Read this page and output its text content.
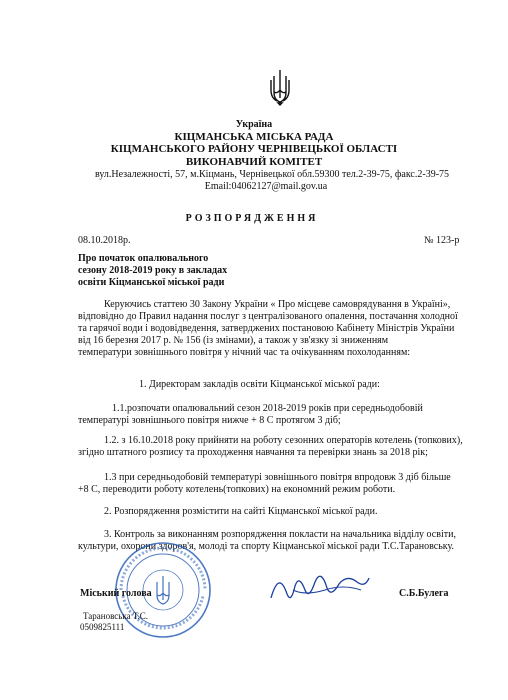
Україна
КІЦМАНСЬКА МІСЬКА РАДА
КІЦМАНСЬКОГО РАЙОНУ ЧЕРНІВЕЦЬКОЇ ОБЛАСТІ
ВИКОНАВЧИЙ КОМІТЕТ
вул.Незалежності, 57, м.Кіцмань, Чернівецької обл.59300 тел.2-39-75, факс.2-39-75
Email:04062127@mail.gov.ua
РОЗПОРЯДЖЕННЯ
08.10.2018р.	№ 123-р
Про початок опалювального
сезону 2018-2019 року в закладах
освіти Кіцманської міської ради
Керуючись статтею 30 Закону України « Про місцеве самоврядування в Україні»,
відповідно до Правил надання послуг з централізованого опалення, постачання холодної
та гарячої води і водовідведення, затверджених постановою Кабінету Міністрів України
від 16 березня 2017 р. № 156 (із змінами), а також у зв'язку зі зниженням
температури зовнішнього повітря у нічний час та очікуванням похолоданням:
1. Директорам закладів освіти Кіцманської міської ради:
1.1.розпочати опалювальний сезон 2018-2019 років при середньодобовій
температурі зовнішнього повітря нижче + 8 С протягом 3 діб;
1.2. з 16.10.2018 року прийняти на роботу сезонних операторів котелень (топкових),
згідно штатного розпису та проходження навчання та перевірки знань за 2018 рік;
1.3 при середньодобовій температурі зовнішнього повітря впродовж 3 діб більше
+8 С, переводити роботу котелень(топкових) на економний режим роботи.
2. Розпорядження розмістити на сайті Кіцманської міської ради.
3. Контроль за виконанням розпорядження покласти на начальника відділу освіти,
культури, охорони здоров'я, молоді та спорту Кіцманської міської ради Т.С.Тарановську.
Міський голова	С.Б.Булега
Тарановська Т.С.
0509825111
